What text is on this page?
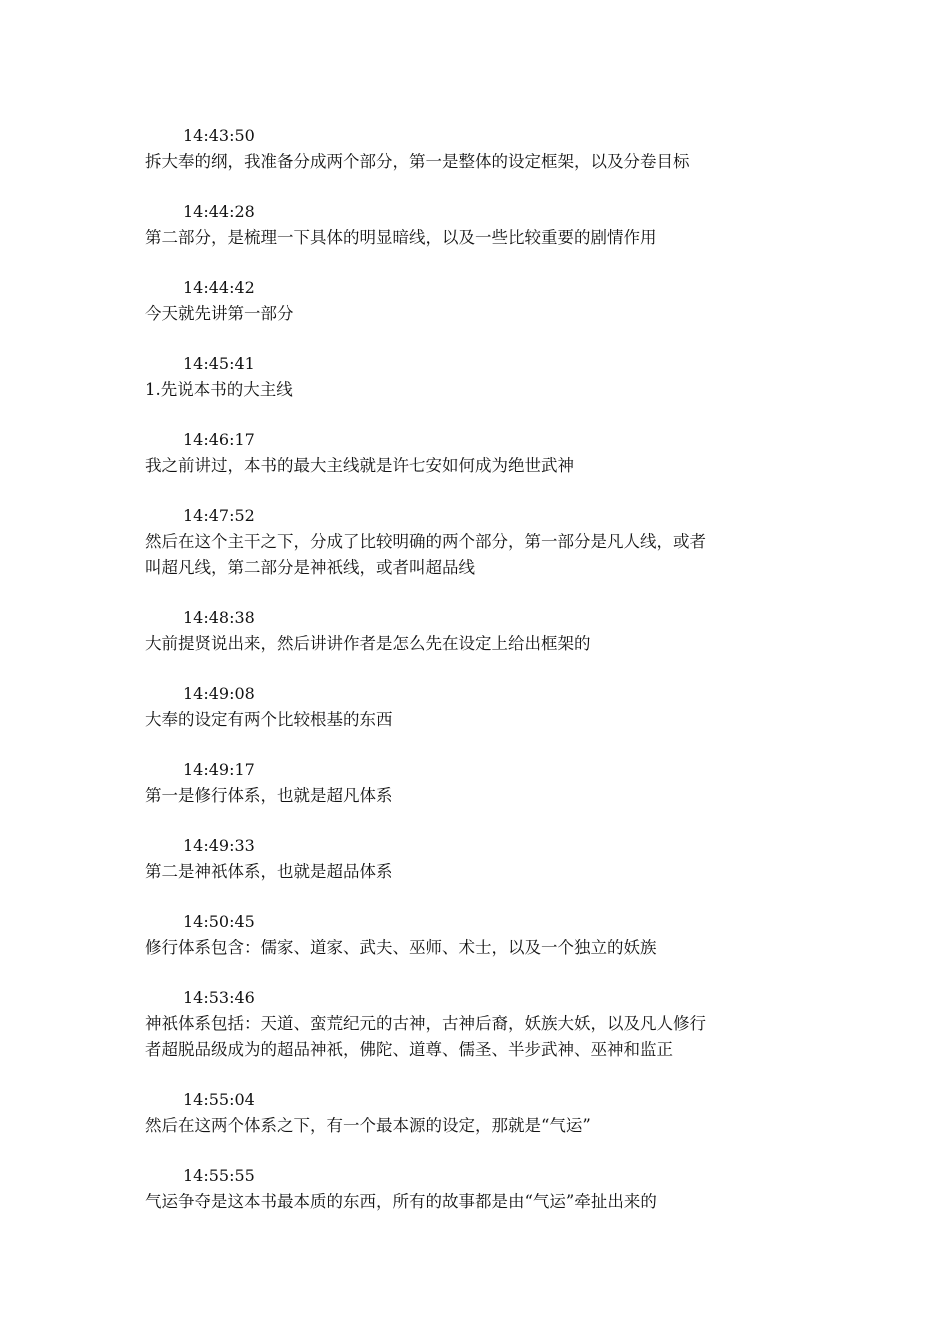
14:43:50
拆大奉的纲，我准备分成两个部分，第一是整体的设定框架，以及分卷目标
14:44:28
第二部分，是梳理一下具体的明显暗线，以及一些比较重要的剧情作用
14:44:42
今天就先讲第一部分
14:45:41
1.先说本书的大主线
14:46:17
我之前讲过，本书的最大主线就是许七安如何成为绝世武神
14:47:52
然后在这个主干之下，分成了比较明确的两个部分，第一部分是凡人线，或者
叫超凡线，第二部分是神祇线，或者叫超品线
14:48:38
大前提贤说出来，然后讲讲作者是怎么先在设定上给出框架的
14:49:08
大奉的设定有两个比较根基的东西
14:49:17
第一是修行体系，也就是超凡体系
14:49:33
第二是神祇体系，也就是超品体系
14:50:45
修行体系包含：儒家、道家、武夫、巫师、术士，以及一个独立的妖族
14:53:46
神祇体系包括：天道、蛮荒纪元的古神，古神后裔，妖族大妖，以及凡人修行
者超脱品级成为的超品神祇，佛陀、道尊、儒圣、半步武神、巫神和监正
14:55:04
然后在这两个体系之下，有一个最本源的设定，那就是“气运”
14:55:55
气运争夺是这本书最本质的东西，所有的故事都是由“气运”牵扯出来的
